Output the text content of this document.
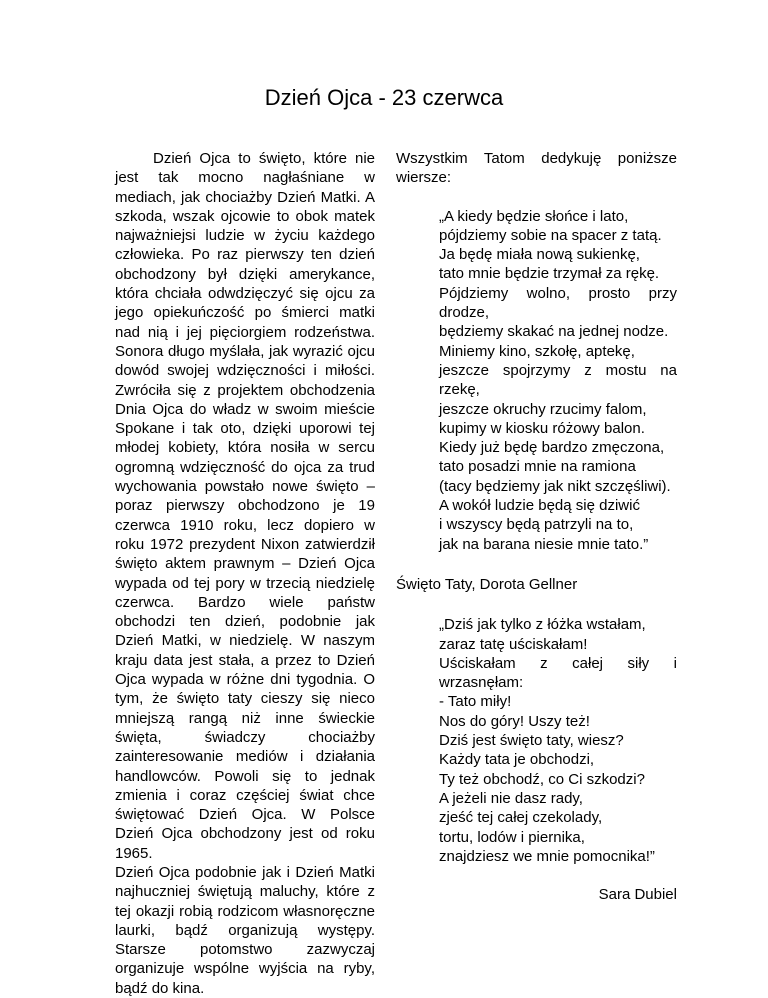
Dzień Ojca - 23 czerwca

Dzień Ojca to święto, które nie jest tak mocno nagłaśniane w mediach, jak chociażby Dzień Matki. A szkoda, wszak ojcowie to obok matek najważniejsi ludzie w życiu każdego człowieka. Po raz pierwszy ten dzień obchodzony był dzięki amerykance, która chciała odwdzięczyć się ojcu za jego opiekuńczość po śmierci matki nad nią i jej pięciorgiem rodzeństwa. Sonora długo myślała, jak wyrazić ojcu dowód swojej wdzięczności i miłości. Zwróciła się z projektem obchodzenia Dnia Ojca do władz w swoim mieście Spokane i tak oto, dzięki uporowi tej młodej kobiety, która nosiła w sercu ogromną wdzięczność do ojca za trud wychowania powstało nowe święto – poraz pierwszy obchodzono je 19 czerwca 1910 roku, lecz dopiero w roku 1972 prezydent Nixon zatwierdził święto aktem prawnym – Dzień Ojca wypada od tej pory w trzecią niedzielę czerwca. Bardzo wiele państw obchodzi ten dzień, podobnie jak Dzień Matki, w niedzielę. W naszym kraju data jest stała, a przez to Dzień Ojca wypada w różne dni tygodnia. O tym, że święto taty cieszy się nieco mniejszą rangą niż inne świeckie święta, świadczy chociażby zainteresowanie mediów i działania handlowców. Powoli się to jednak zmienia i coraz częściej świat chce świętować Dzień Ojca. W Polsce Dzień Ojca obchodzony jest od roku 1965.

Dzień Ojca podobnie jak i Dzień Matki najhuczniej świętują maluchy, które z tej okazji robią rodzicom własnoręczne laurki, bądź organizują występy. Starsze potomstwo zazwyczaj organizuje wspólne wyjścia na ryby, bądź do kina.

Wszystkim Tatom dedykuję poniższe wiersze:

„A kiedy będzie słońce i lato,
pójdziemy sobie na spacer z tatą.
Ja będę miała nową sukienkę,
tato mnie będzie trzymał za rękę.
Pójdziemy wolno, prosto przy drodze,
będziemy skakać na jednej nodze.
Miniemy kino, szkołę, aptekę,
jeszcze spojrzymy z mostu na rzekę,
jeszcze okruchy rzucimy falom,
kupimy w kiosku różowy balon.
Kiedy już będę bardzo zmęczona,
tato posadzi mnie na ramiona
(tacy będziemy jak nikt szczęśliwi).
A wokół ludzie będą się dziwić
i wszyscy będą patrzyli na to,
jak na barana niesie mnie tato.”

Święto Taty, Dorota Gellner

„Dziś jak tylko z łóżka wstałam,
zaraz tatę uściskałam!
Uściskałam z całej siły i wrzasnęłam:
- Tato miły!
Nos do góry! Uszy też!
Dziś jest święto taty, wiesz?
Każdy tata je obchodzi,
Ty też obchodź, co Ci szkodzi?
A jeżeli nie dasz rady,
zjeść tej całej czekolady,
tortu, lodów i piernika,
znajdziesz we mnie pomocnika!”

Sara Dubiel
